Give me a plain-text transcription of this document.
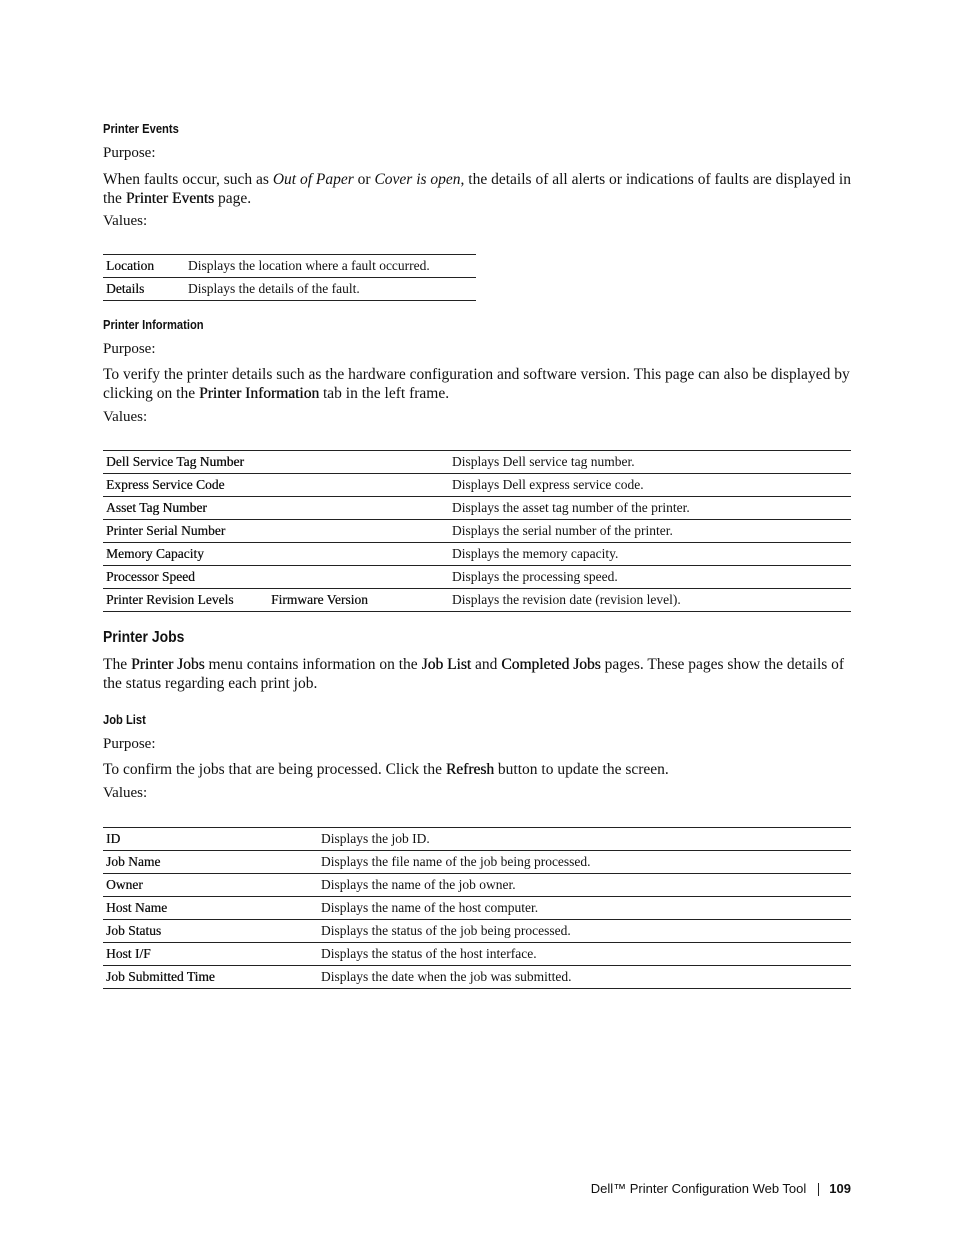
Printer Events
Purpose:
When faults occur, such as Out of Paper or Cover is open, the details of all alerts or indications of faults are displayed in the Printer Events page.
Values:
Location	Displays the location where a fault occurred.
Details	Displays the details of the fault.
Printer Information
Purpose:
To verify the printer details such as the hardware configuration and software version. This page can also be displayed by clicking on the Printer Information tab in the left frame.
Values:
Dell Service Tag Number		Displays Dell service tag number.
Express Service Code		Displays Dell express service code.
Asset Tag Number		Displays the asset tag number of the printer.
Printer Serial Number		Displays the serial number of the printer.
Memory Capacity		Displays the memory capacity.
Processor Speed		Displays the processing speed.
Printer Revision Levels	Firmware Version	Displays the revision date (revision level).
Printer Jobs
The Printer Jobs menu contains information on the Job List and Completed Jobs pages. These pages show the details of the status regarding each print job.
Job List
Purpose:
To confirm the jobs that are being processed. Click the Refresh button to update the screen.
Values:
ID	Displays the job ID.
Job Name	Displays the file name of the job being processed.
Owner	Displays the name of the job owner.
Host Name	Displays the name of the host computer.
Job Status	Displays the status of the job being processed.
Host I/F	Displays the status of the host interface.
Job Submitted Time	Displays the date when the job was submitted.
Dell™ Printer Configuration Web Tool 109
